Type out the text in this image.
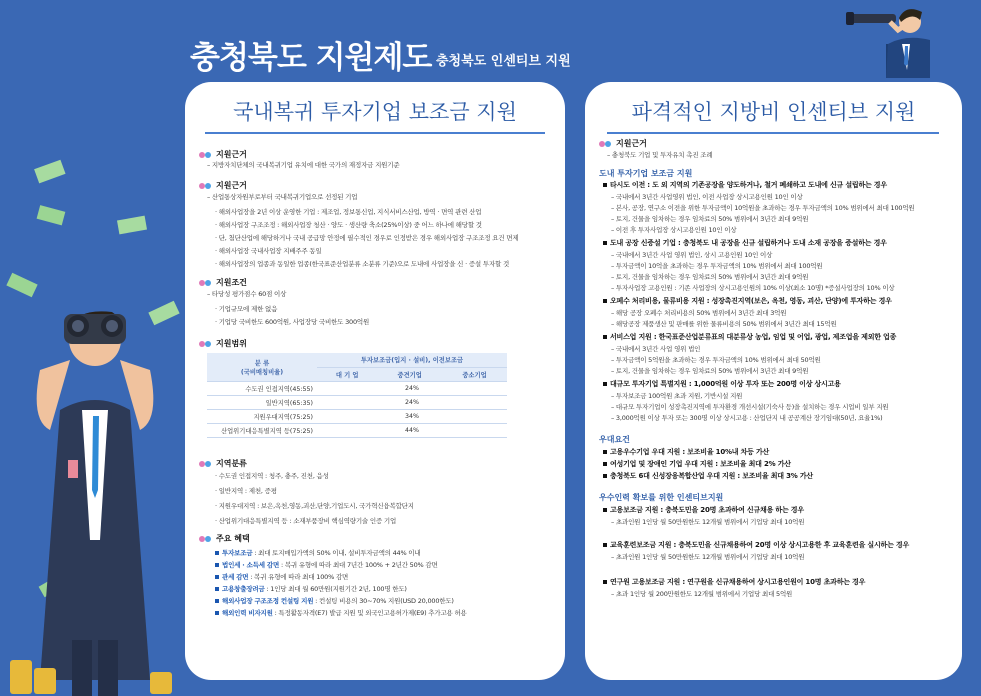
충청북도 지원제도 충청북도 인센티브 지원
국내복귀 투자기업 보조금 지원
지원근거
– 지방자치단체의 국내복귀기업 유치에 대한 국가의 재정자금 지원기준
지원근거
– 산업통상자원부로부터 국내복귀기업으로 선정된 기업
· 해외사업장을 2년 이상 운영한 기업 : 제조업, 정보통신업, 지식서비스산업, 방역 · 면역 관련 산업
· 해외사업장 구조조정 : 해외사업장 청산 · 양도 · 생산량 축소(25%이상) 중 어느 하나에 해당할 것
· 단, 첨단산업에 해당하거나 국내 공급망 안정에 필수적인 경우로 인정받은 경우 해외사업장 구조조정 요건 면제
· 해외사업장 국내사업장 지배주주 동일
· 해외사업장의 업종과 동일한 업종(한국표준산업분류 소분류 기준)으로 도내에 사업장을 신 · 증설 투자할 것
지원조건
– 타당성 평가점수 60점 이상
· 기업규모에 제한 없음
· 기업당 국비한도 600억원, 사업장당 국비한도 300억원
지원범위
분 류
(국비매칭비율)	투자보조금(입지 · 설비), 이전보조금		
	대 기 업	중견기업	중소기업
수도권 인접지역(45:55)	24%		
일반지역(65:35)	24%		
지원우대지역(75:25)	34%		
산업위기대응특별지역 등(75:25)	44%		
지역분류
· 수도권 인접지역 : 청주, 충주, 진천, 음성
· 일반지역 : 제천, 증평
· 지원우대지역 : 보은,옥천,영동,괴산,단양,기업도시, 국가혁신융복합단지
· 산업위기대응특별지역 등 : 소재부품장비 핵심역량기술 인증 기업
주요 혜택
투자보조금 : 최대 토지매입가액의 50% 이내, 설비투자금액의 44% 이내
법인세 · 소득세 감면 : 복귀 유형에 따라 최대 7년간 100% + 2년간 50% 감면
관세 감면 : 복귀 유형에 따라 최대 100% 감면
고용창출장려금 : 1인당 최대 월 60만원(지원기간 2년, 100명 한도)
해외사업장 구조조정 컨설팅 지원 : 컨설팅 비용의 30~70% 지원(USD 20,000한도)
해외인력 비자지원 : 특정활동자격(E7) 발급 지원 및 외국인고용허가제(E9) 추가고용 허용
파격적인 지방비 인센티브 지원
지원근거
– 충청북도 기업 및 투자유치 촉진 조례
도내 투자기업 보조금 지원
타시도 이전 : 도 외 지역의 기존공장을 양도하거나, 철거 폐쇄하고 도내에 신규 설립하는 경우
– 국내에서 3년간 사업영위 법인, 이전 사업장 상시고용인원 10인 이상
– 본사, 공장, 연구소 이전을 위한 투자금액이 10억원을 초과하는 경우 투자금액의 10% 범위에서 최대 100억원
– 토지, 건물을 임차하는 경우 임차료의 50% 범위에서 3년간 최대 9억원
– 이전 후 투자사업장 상시고용인원 10인 이상
도내 공장 신증설 기업 : 충청북도 내 공장을 신규 설립하거나 도내 소재 공장을 증설하는 경우
– 국내에서 3년간 사업 영위 법인, 상시 고용인원 10인 이상
– 투자금액이 10억을 초과하는 경우 투자금액의 10% 범위에서 최대 100억원
– 토지, 건물을 임차하는 경우 임차료의 50% 범위에서 3년간 최대 9억원
– 투자사업장 고용인원 : 기존 사업장의 상시고용인원의 10% 이상(최소 10명) *증설사업장의 10% 이상
오페수 처리비용, 물류비용 지원 : 성장촉진지역(보은, 옥천, 영동, 괴산, 단양)에 투자하는 경우
– 해당 공장 오폐수 처리비용의 50% 범위에서 3년간 최대 3억원
– 해당공장 제품생산 및 판매를 위한 물류비용의 50% 범위에서 3년간 최대 15억원
서비스업 지원 : 한국표준산업분류표의 대분류상 농업, 임업 및 어업, 광업, 제조업을 제외한 업종
– 국내에서 3년간 사업 영위 법인
– 투자금액이 5억원을 초과하는 경우 투자금액의 10% 범위에서 최대 50억원
– 토지, 건물을 임차하는 경우 임차료의 50% 범위에서 3년간 최대 9억원
대규모 투자기업 특별지원 : 1,000억원 이상 투자 또는 200명 이상 상시고용
– 투자보조금 100억원 초과 지원, 기반시설 지원
– 대규모 투자기업이 성장촉진지역에 투자환경 개선시설(기숙사 등)을 설치하는 경우 시업비 일부 지원
– 3,000억원 이상 투자 또는 300명 이상 상시고용 : 산업단지 내 공공계산 장기임대(50년, 요율1%)
우대요건
고용우수기업 우대 지원 : 보조비율 10%내 차등 가산
여성기업 및 장애인 기업 우대 지원 : 보조비율 최대 2% 가산
충청북도 6대 신성장융복합산업 우대 지원 : 보조비율 최대 3% 가산
우수인력 확보를 위한 인센티브지원
고용보조금 지원 : 충북도민을 20명 초과하여 신규채용 하는 경우
– 초과인원 1인당 월 50만원한도 12개월 범위에서 기업당 최대 10억원
교육훈련보조금 지원 : 충북도민을 신규채용하여 20명 이상 상시고용한 후 교육훈련을 실시하는 경우
– 초과인원 1인당 월 50만원한도 12개월 범위에서 기업당 최대 10억원
연구원 고용보조금 지원 : 연구원을 신규채용하여 상시고용인원이 10명 초과하는 경우
– 초과 1인당 월 200만원한도 12개월 범위에서 기업당 최대 5억원
